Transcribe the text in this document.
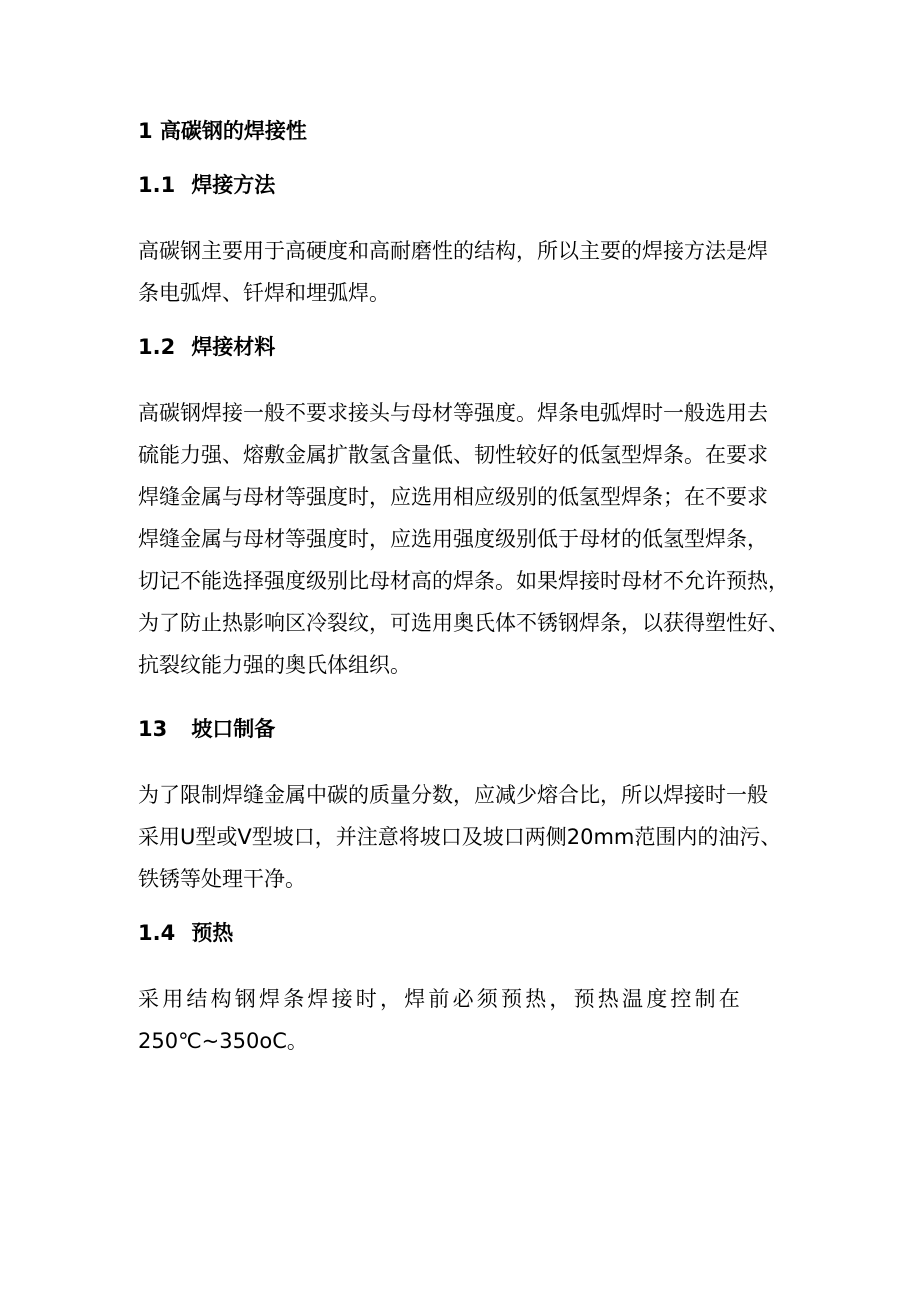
1 高碳钢的焊接性
1.1 焊接方法
高碳钢主要用于高硬度和高耐磨性的结构，所以主要的焊接方法是焊
条电弧焊、钎焊和埋弧焊。
1.2 焊接材料
高碳钢焊接一般不要求接头与母材等强度。焊条电弧焊时一般选用去
硫能力强、熔敷金属扩散氢含量低、韧性较好的低氢型焊条。在要求
焊缝金属与母材等强度时，应选用相应级别的低氢型焊条；在不要求
焊缝金属与母材等强度时，应选用强度级别低于母材的低氢型焊条，
切记不能选择强度级别比母材高的焊条。如果焊接时母材不允许预热，
为了防止热影响区冷裂纹，可选用奥氏体不锈钢焊条，以获得塑性好、
抗裂纹能力强的奥氏体组织。
13 坡口制备
为了限制焊缝金属中碳的质量分数，应减少熔合比，所以焊接时一般
采用U型或V型坡口，并注意将坡口及坡口两侧20mm范围内的油污、
铁锈等处理干净。
1.4 预热
采用结构钢焊条焊接时，焊前必须预热，预热温度控制在
250℃~350oC。
